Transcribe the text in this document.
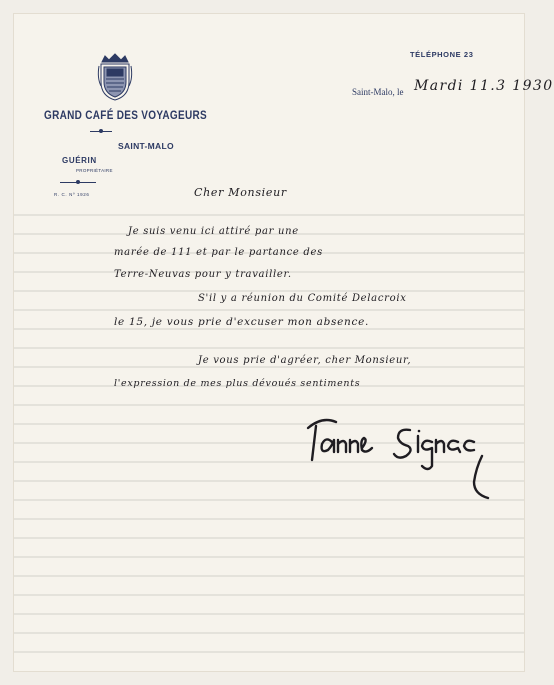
GRAND CAFÉ DES VOYAGEURS
SAINT-MALO
GUÉRIN
PROPRIÉTAIRE
R. C. Nº 1926
TÉLÉPHONE 23
Saint-Malo, le Mardi 11.3 1930
Cher Monsieur
Je suis venu ici attiré par une
marée de 111 et par le partance des
Terre-Neuvas pour y travailler.
S'il y a réunion du Comité Delacroix
le 15, je vous prie d'excuser mon absence.
Je vous prie d'agréer, cher Monsieur,
l'expression de mes plus dévoués sentiments
